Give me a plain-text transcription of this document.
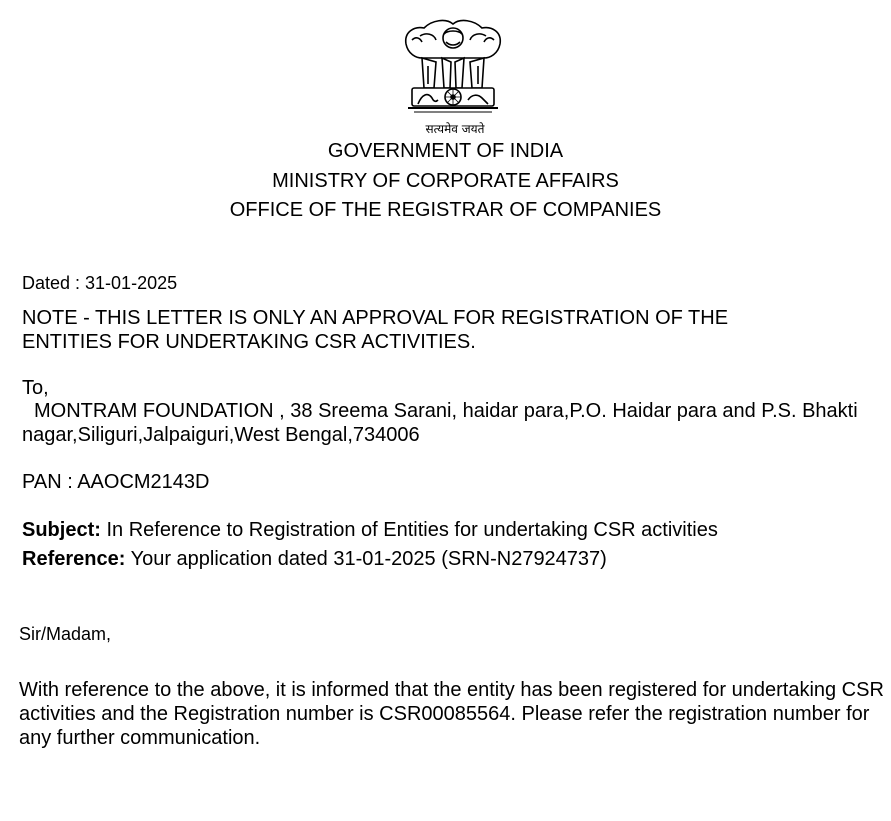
सत्यमेव जयते
GOVERNMENT OF INDIA
MINISTRY OF CORPORATE AFFAIRS
OFFICE OF THE REGISTRAR OF COMPANIES
Dated : 31-01-2025
NOTE - THIS LETTER IS ONLY AN APPROVAL FOR REGISTRATION OF THE ENTITIES FOR UNDERTAKING CSR ACTIVITIES.
To,
MONTRAM FOUNDATION , 38 Sreema Sarani, haidar para,P.O. Haidar para and P.S. Bhakti nagar,Siliguri,Jalpaiguri,West Bengal,734006
PAN : AAOCM2143D
Subject: In Reference to Registration of Entities for undertaking CSR activities
Reference: Your application dated 31-01-2025 (SRN-N27924737)
Sir/Madam,
With reference to the above, it is informed that the entity has been registered for undertaking CSR activities and the Registration number is CSR00085564. Please refer the registration number for any further communication.
